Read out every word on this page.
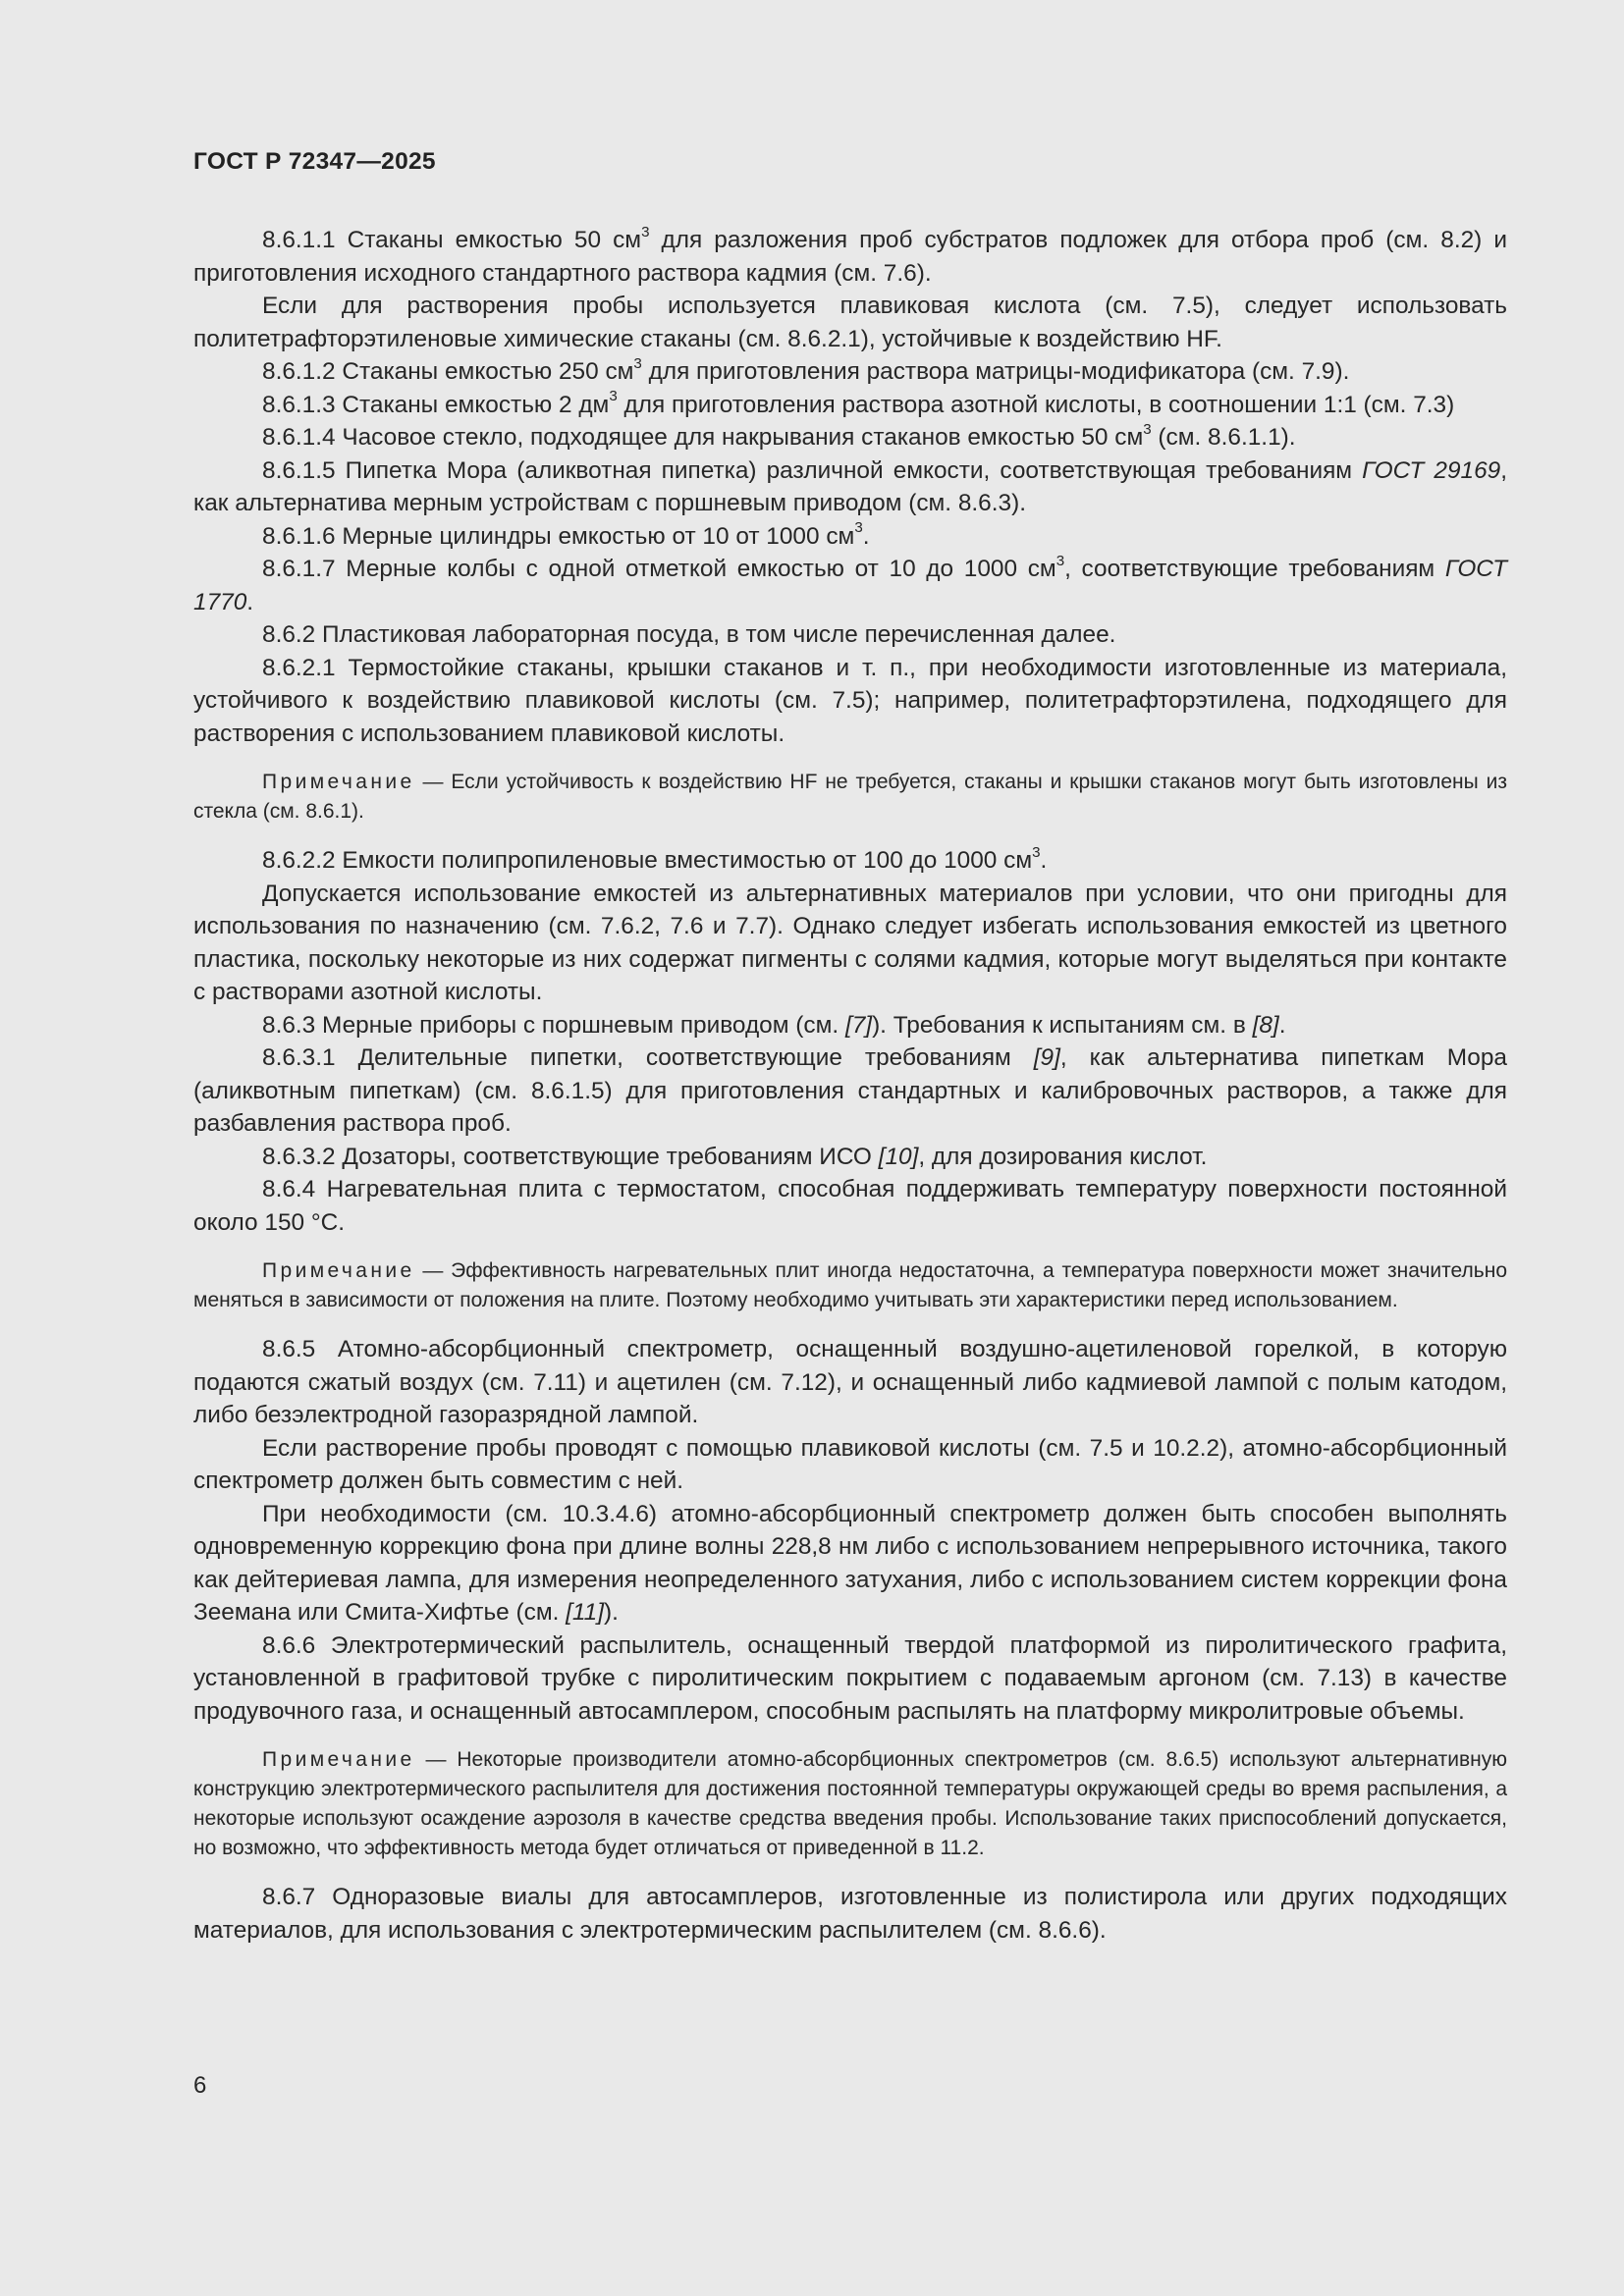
ГОСТ Р 72347—2025

8.6.1.1 Стаканы емкостью 50 $см^3$ для разложения проб субстратов подложек для отбора проб (см. 8.2) и приготовления исходного стандартного раствора кадмия (см. 7.6).

Если для растворения пробы используется плавиковая кислота (см. 7.5), следует использовать политетрафторэтиленовые химические стаканы (см. 8.6.2.1), устойчивые к воздействию HF.

8.6.1.2 Стаканы емкостью 250 $см^3$ для приготовления раствора матрицы-модификатора (см. 7.9).

8.6.1.3 Стаканы емкостью 2 $дм^3$ для приготовления раствора азотной кислоты, в соотношении 1:1 (см. 7.3)

8.6.1.4 Часовое стекло, подходящее для накрывания стаканов емкостью 50 $см^3$ (см. 8.6.1.1).

8.6.1.5 Пипетка Мора (аликвотная пипетка) различной емкости, соответствующая требованиям ГОСТ 29169, как альтернатива мерным устройствам с поршневым приводом (см. 8.6.3).

8.6.1.6 Мерные цилиндры емкостью от 10 от 1000 $см^3$.

8.6.1.7 Мерные колбы с одной отметкой емкостью от 10 до 1000 $см^3$, соответствующие требованиям ГОСТ 1770.

8.6.2 Пластиковая лабораторная посуда, в том числе перечисленная далее.

8.6.2.1 Термостойкие стаканы, крышки стаканов и т. п., при необходимости изготовленные из материала, устойчивого к воздействию плавиковой кислоты (см. 7.5); например, политетрафторэтилена, подходящего для растворения с использованием плавиковой кислоты.

Примечание — Если устойчивость к воздействию HF не требуется, стаканы и крышки стаканов могут быть изготовлены из стекла (см. 8.6.1).

8.6.2.2 Емкости полипропиленовые вместимостью от 100 до 1000 $см^3$.

Допускается использование емкостей из альтернативных материалов при условии, что они пригодны для использования по назначению (см. 7.6.2, 7.6 и 7.7). Однако следует избегать использования емкостей из цветного пластика, поскольку некоторые из них содержат пигменты с солями кадмия, которые могут выделяться при контакте с растворами азотной кислоты.

8.6.3 Мерные приборы с поршневым приводом (см. [7]). Требования к испытаниям см. в [8].

8.6.3.1 Делительные пипетки, соответствующие требованиям [9], как альтернатива пипеткам Мора (аликвотным пипеткам) (см. 8.6.1.5) для приготовления стандартных и калибровочных растворов, а также для разбавления раствора проб.

8.6.3.2 Дозаторы, соответствующие требованиям ИСО [10], для дозирования кислот.

8.6.4 Нагревательная плита с термостатом, способная поддерживать температуру поверхности постоянной около 150 °C.

Примечание — Эффективность нагревательных плит иногда недостаточна, а температура поверхности может значительно меняться в зависимости от положения на плите. Поэтому необходимо учитывать эти характеристики перед использованием.

8.6.5 Атомно-абсорбционный спектрометр, оснащенный воздушно-ацетиленовой горелкой, в которую подаются сжатый воздух (см. 7.11) и ацетилен (см. 7.12), и оснащенный либо кадмиевой лампой с полым катодом, либо безэлектродной газоразрядной лампой.

Если растворение пробы проводят с помощью плавиковой кислоты (см. 7.5 и 10.2.2), атомно-абсорбционный спектрометр должен быть совместим с ней.

При необходимости (см. 10.3.4.6) атомно-абсорбционный спектрометр должен быть способен выполнять одновременную коррекцию фона при длине волны 228,8 нм либо с использованием непрерывного источника, такого как дейтериевая лампа, для измерения неопределенного затухания, либо с использованием систем коррекции фона Зеемана или Смита-Хифтье (см. [11]).

8.6.6 Электротермический распылитель, оснащенный твердой платформой из пиролитического графита, установленной в графитовой трубке с пиролитическим покрытием с подаваемым аргоном (см. 7.13) в качестве продувочного газа, и оснащенный автосамплером, способным распылять на платформу микролитровые объемы.

Примечание — Некоторые производители атомно-абсорбционных спектрометров (см. 8.6.5) используют альтернативную конструкцию электротермического распылителя для достижения постоянной температуры окружающей среды во время распыления, а некоторые используют осаждение аэрозоля в качестве средства введения пробы. Использование таких приспособлений допускается, но возможно, что эффективность метода будет отличаться от приведенной в 11.2.

8.6.7 Одноразовые виалы для автосамплеров, изготовленные из полистирола или других подходящих материалов, для использования с электротермическим распылителем (см. 8.6.6).

6
